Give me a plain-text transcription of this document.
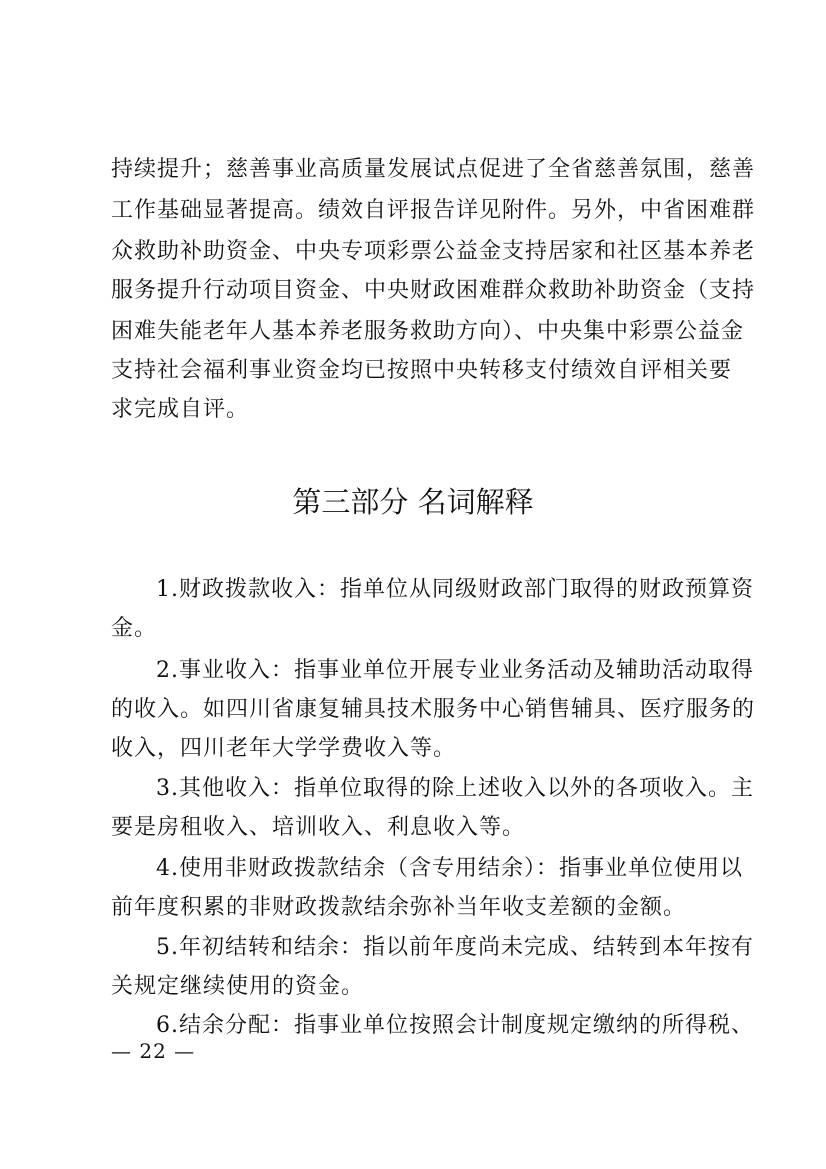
持续提升；慈善事业高质量发展试点促进了全省慈善氛围，慈善
工作基础显著提高。绩效自评报告详见附件。另外，中省困难群
众救助补助资金、中央专项彩票公益金支持居家和社区基本养老
服务提升行动项目资金、中央财政困难群众救助补助资金（支持
困难失能老年人基本养老服务救助方向）、中央集中彩票公益金
支持社会福利事业资金均已按照中央转移支付绩效自评相关要
求完成自评。
第三部分 名词解释
1.财政拨款收入：指单位从同级财政部门取得的财政预算资
金。
2.事业收入：指事业单位开展专业业务活动及辅助活动取得
的收入。如四川省康复辅具技术服务中心销售辅具、医疗服务的
收入，四川老年大学学费收入等。
3.其他收入：指单位取得的除上述收入以外的各项收入。主
要是房租收入、培训收入、利息收入等。
4.使用非财政拨款结余（含专用结余）：指事业单位使用以
前年度积累的非财政拨款结余弥补当年收支差额的金额。
5.年初结转和结余：指以前年度尚未完成、结转到本年按有
关规定继续使用的资金。
6.结余分配：指事业单位按照会计制度规定缴纳的所得税、
— 22 —
